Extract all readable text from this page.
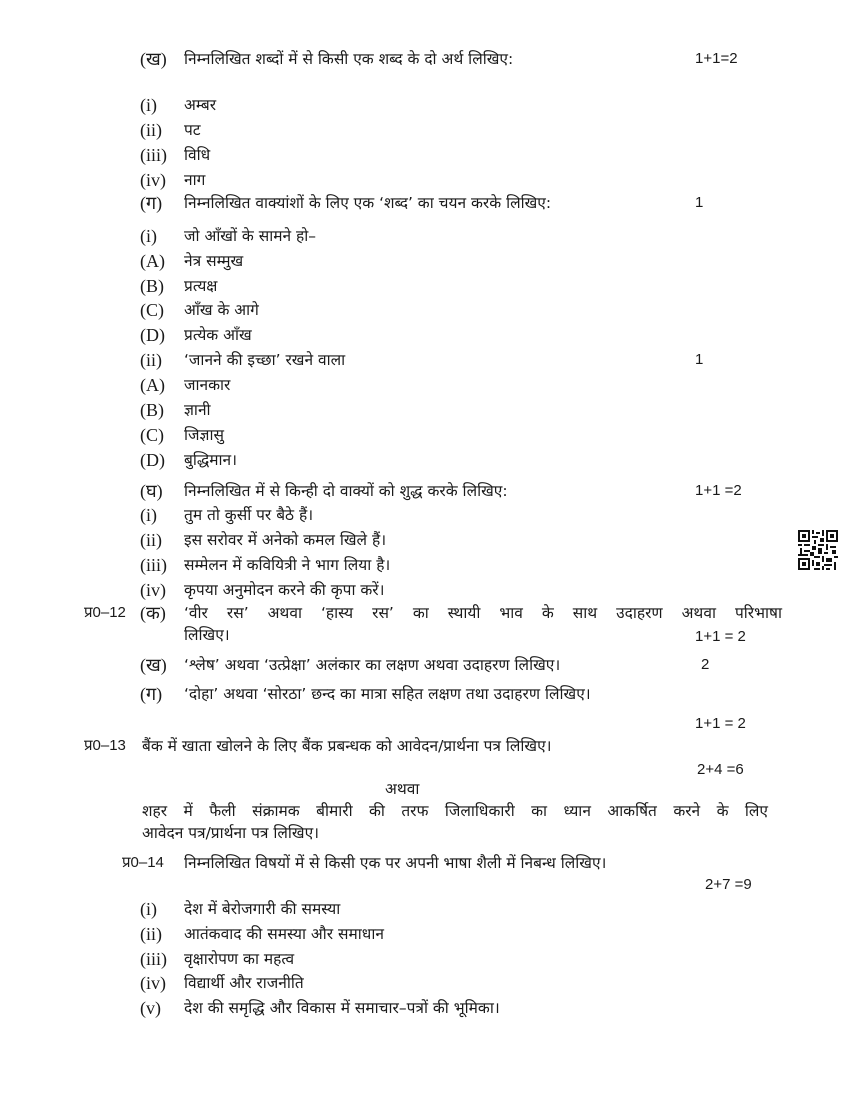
(ख) निम्नलिखित शब्दों में से किसी एक शब्द के दो अर्थ लिखिए:	1+1=2
(i) अम्बर
(ii) पट
(iii) विधि
(iv) नाग
(ग) निम्नलिखित वाक्यांशों के लिए एक ‘शब्द’ का चयन करके लिखिए:	1
(i) जो आँखों के सामने हो–
(A) नेत्र सम्मुख
(B) प्रत्यक्ष
(C) आँख के आगे
(D) प्रत्येक आँख
(ii) ‘जानने की इच्छा’ रखने वाला	1
(A) जानकार
(B) ज्ञानी
(C) जिज्ञासु
(D) बुद्धिमान।
(घ) निम्नलिखित में से किन्ही दो वाक्यों को शुद्ध करके लिखिए:	1+1 =2
(i) तुम तो कुर्सी पर बैठे हैं।
(ii) इस सरोवर में अनेको कमल खिले हैं।
(iii) सम्मेलन में कवियित्री ने भाग लिया है।
(iv) कृपया अनुमोदन करने की कृपा करें।
प्र0–12 (क) ‘वीर रस’ अथवा ‘हास्य रस’ का स्थायी भाव के साथ उदाहरण अथवा परिभाषा
लिखिए।	1+1 = 2
(ख) ‘श्लेष’ अथवा ‘उत्प्रेक्षा’ अलंकार का लक्षण अथवा उदाहरण लिखिए।	2
(ग) ‘दोहा’ अथवा ‘सोरठा’ छन्द का मात्रा सहित लक्षण तथा उदाहरण लिखिए।
1+1 = 2
प्र0–13 बैंक में खाता खोलने के लिए बैंक प्रबन्धक को आवेदन/प्रार्थना पत्र लिखिए।
2+4 =6
अथवा
शहर में फैली संक्रामक बीमारी की तरफ जिलाधिकारी का ध्यान आकर्षित करने के लिए
आवेदन पत्र/प्रार्थना पत्र लिखिए।
प्र0–14 निम्नलिखित विषयों में से किसी एक पर अपनी भाषा शैली में निबन्ध लिखिए।
2+7 =9
(i) देश में बेरोजगारी की समस्या
(ii) आतंकवाद की समस्या और समाधान
(iii) वृक्षारोपण का महत्व
(iv) विद्यार्थी और राजनीति
(v) देश की समृद्धि और विकास में समाचार–पत्रों की भूमिका।
